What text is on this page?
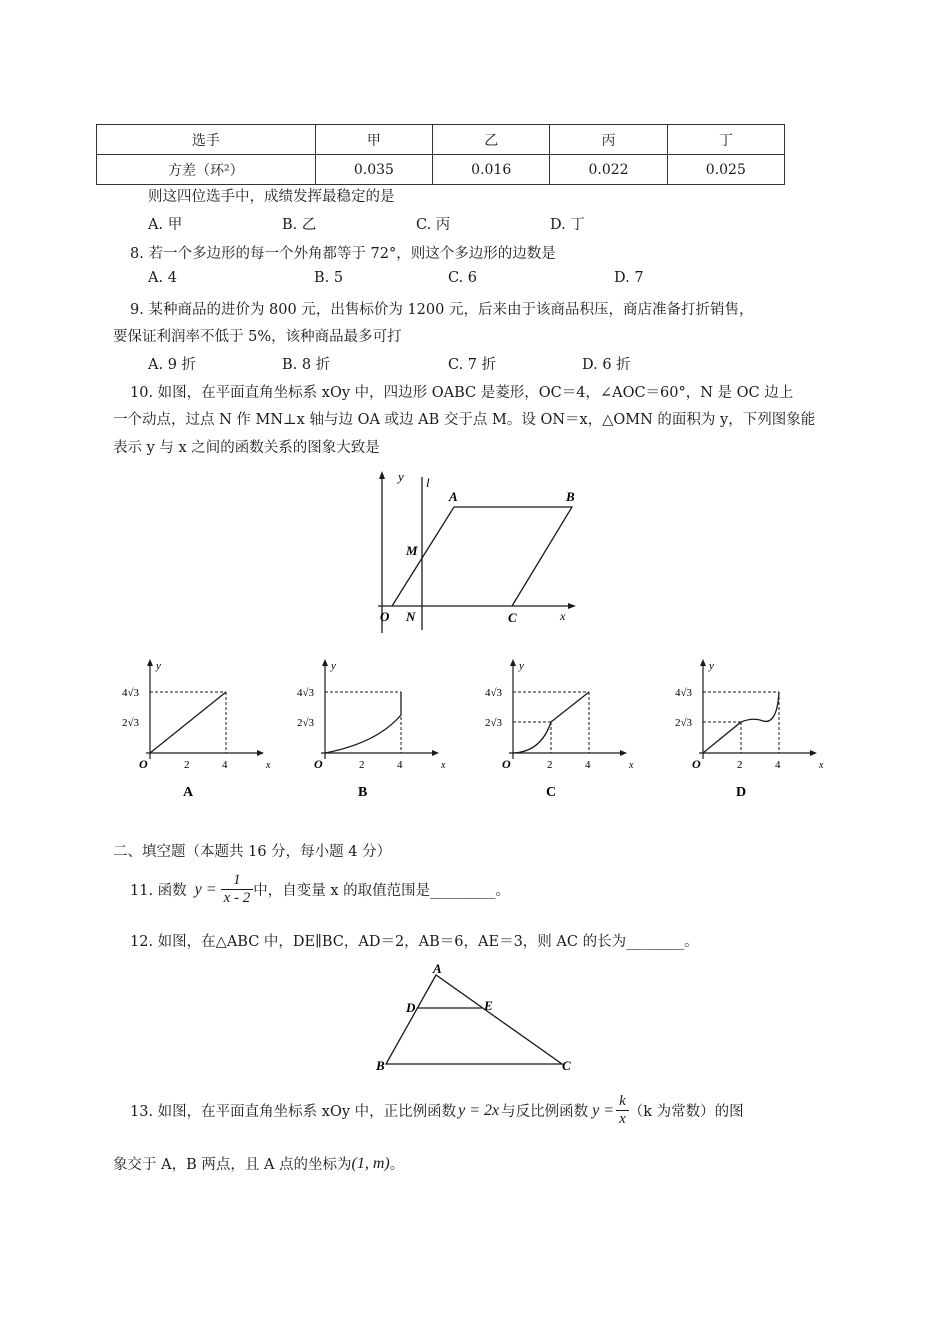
选手	甲	乙	丙	丁
方差（环²）	0.035	0.016	0.022	0.025
则这四位选手中，成绩发挥最稳定的是
A. 甲	B. 乙	C. 丙	D. 丁
8. 若一个多边形的每一个外角都等于 72°，则这个多边形的边数是
A. 4	B. 5	C. 6	D. 7
9. 某种商品的进价为 800 元，出售标价为 1200 元，后来由于该商品积压，商店准备打折销售，
要保证利润率不低于 5%，该种商品最多可打
A. 9 折	B. 8 折	C. 7 折	D. 6 折
10. 如图，在平面直角坐标系 xOy 中，四边形 OABC 是菱形，OC＝4，∠AOC＝60°，N 是 OC 边上
一个动点，过点 N 作 MN⊥x 轴与边 OA 或边 AB 交于点 M。设 ON＝x，△OMN 的面积为 y，下列图象能
表示 y 与 x 之间的函数关系的图象大致是
y l
A	B
M
O N	C	x
4√3
2√3
2	4
O
y
x
A
4√3
2√3
2	4
O
y
x
B
4√3
2√3
2	4
O
y
x
C
4√3
2√3
2	4
O
y
x
D
二、填空题（本题共 16 分，每小题 4 分）
11. 函数 $y = \frac{1}{x - 2}$ 中，自变量 x 的取值范围是_________。
12. 如图，在△ABC 中，DE∥BC，AD＝2，AB＝6，AE＝3，则 AC 的长为________。
A
D	E
B	C
13. 如图，在平面直角坐标系 xOy 中，正比例函数 y = 2x 与反比例函数 $y = \frac{k}{x} (k$ 为常数）的图
象交于 A，B 两点，且 A 点的坐标为 (1, m) 。
